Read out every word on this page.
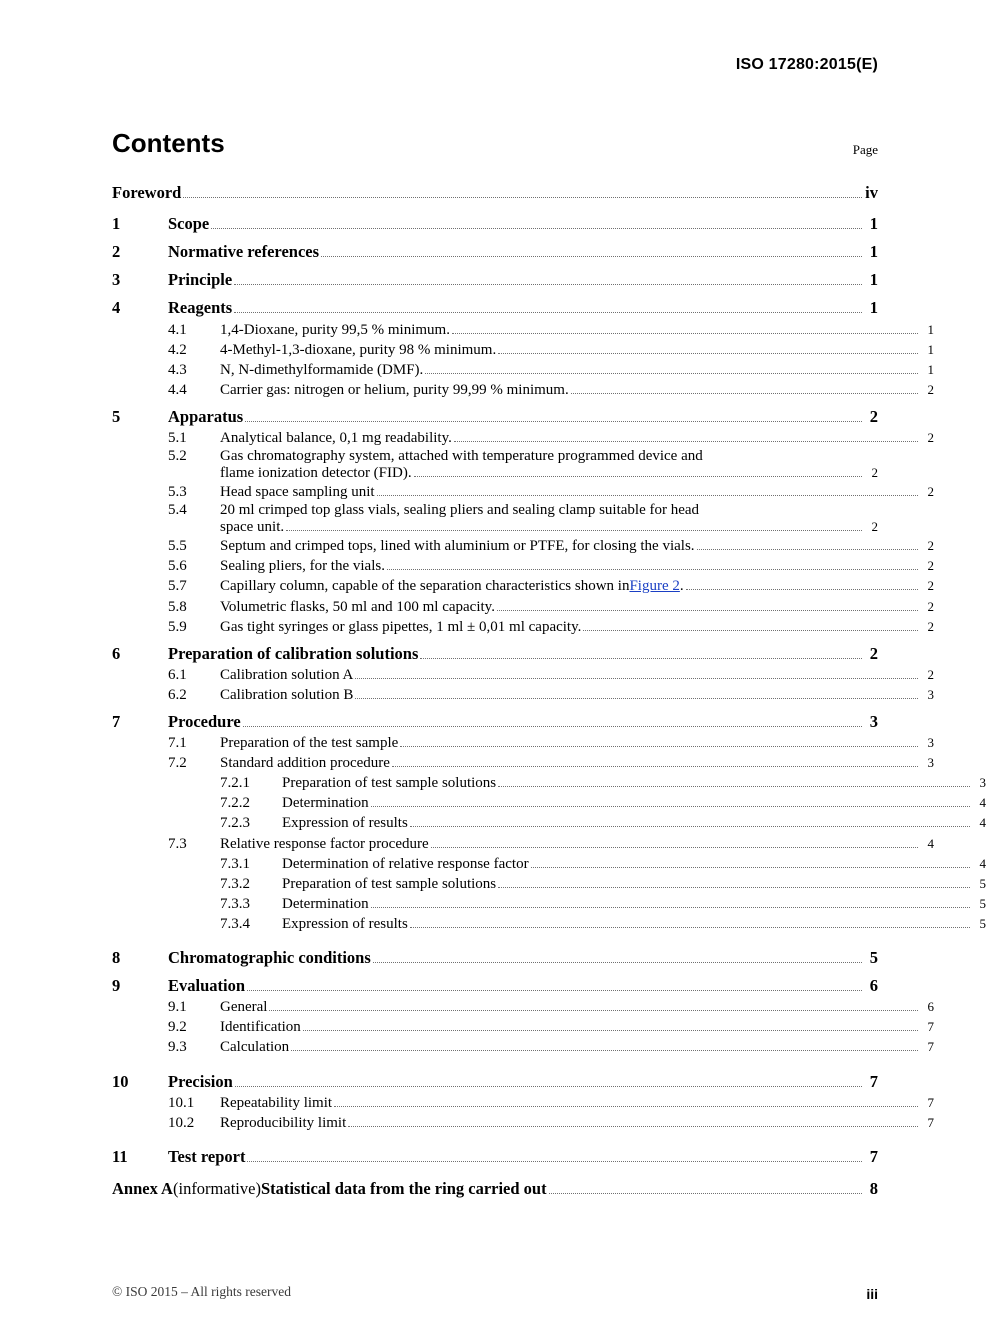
ISO 17280:2015(E)
Contents	Page
Foreword	iv
1	Scope	1
2	Normative references	1
3	Principle	1
4	Reagents	1
4.1	1,4-Dioxane, purity 99,5 % minimum.	1
4.2	4-Methyl-1,3-dioxane, purity 98 % minimum.	1
4.3	N, N-dimethylformamide (DMF).	1
4.4	Carrier gas: nitrogen or helium, purity 99,99 % minimum.	2
5	Apparatus	2
5.1	Analytical balance, 0,1 mg readability.	2
5.2	Gas chromatography system, attached with temperature programmed device and
flame ionization detector (FID).	2
5.3	Head space sampling unit	2
5.4	20 ml crimped top glass vials, sealing pliers and sealing clamp suitable for head
space unit.	2
5.5	Septum and crimped tops, lined with aluminium or PTFE, for closing the vials.	2
5.6	Sealing pliers, for the vials.	2
5.7	Capillary column, capable of the separation characteristics shown in Figure 2 .	2
5.8	Volumetric flasks, 50 ml and 100 ml capacity.	2
5.9	Gas tight syringes or glass pipettes, 1 ml ± 0,01 ml capacity.	2
6	Preparation of calibration solutions	2
6.1	Calibration solution A	2
6.2	Calibration solution B	3
7	Procedure	3
7.1	Preparation of the test sample	3
7.2	Standard addition procedure	3
7.2.1	Preparation of test sample solutions	3
7.2.2	Determination	4
7.2.3	Expression of results	4
7.3	Relative response factor procedure	4
7.3.1	Determination of relative response factor	4
7.3.2	Preparation of test sample solutions	5
7.3.3	Determination	5
7.3.4	Expression of results	5
8	Chromatographic conditions	5
9	Evaluation	6
9.1	General	6
9.2	Identification	7
9.3	Calculation	7
10	Precision	7
10.1	Repeatability limit	7
10.2	Reproducibility limit	7
11	Test report	7
Annex A (informative) Statistical data from the ring carried out	8
© ISO 2015 – All rights reserved	iii
